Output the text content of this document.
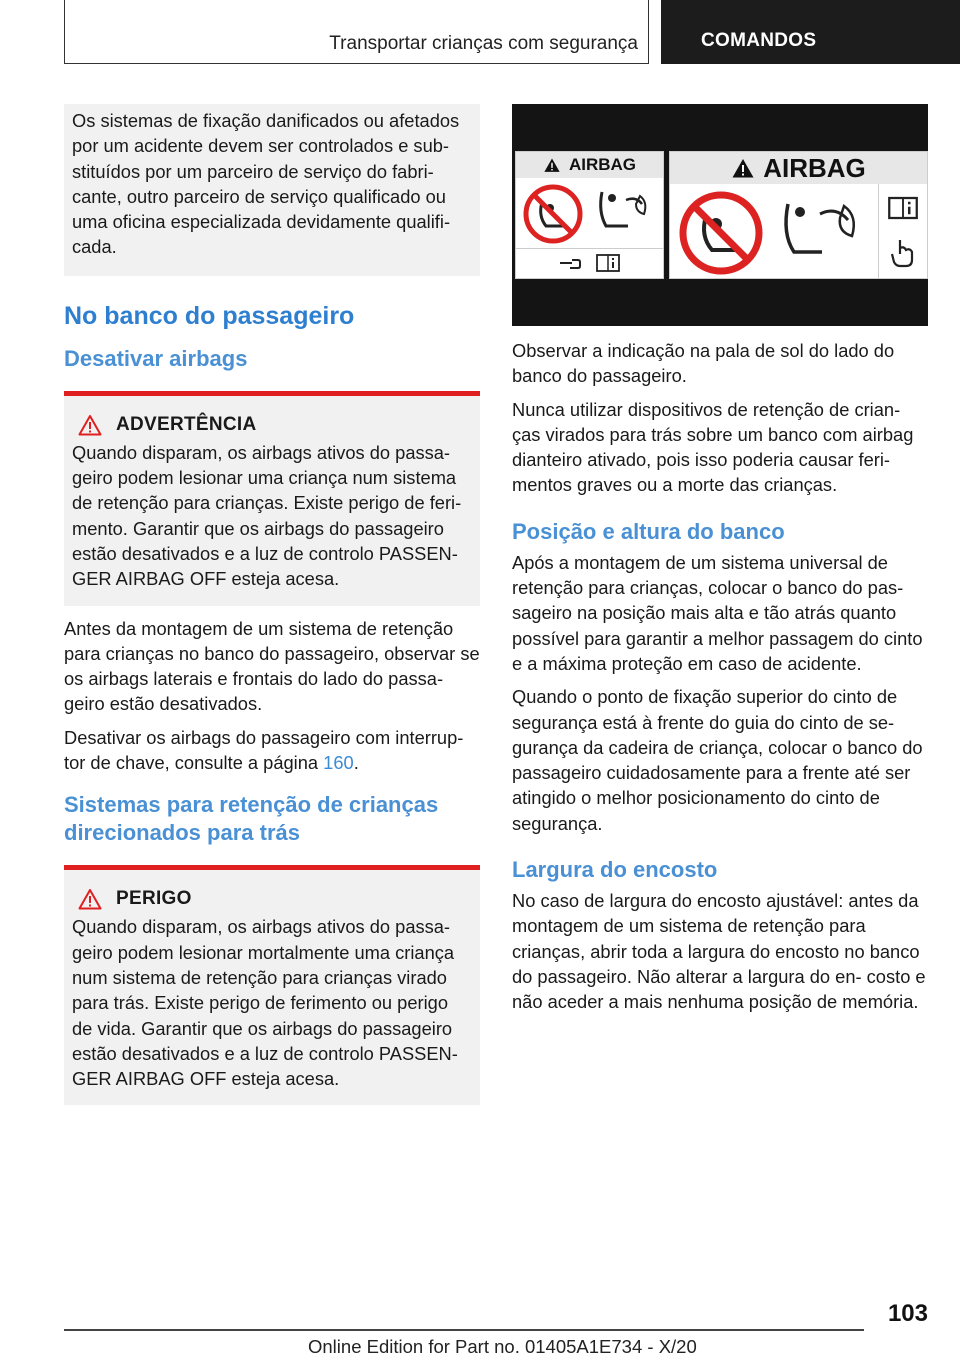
Transportar crianças com segurança	COMANDOS

Os sistemas de fixação danificados ou afetados por um acidente devem ser controlados e sub- stituídos por um parceiro de serviço do fabri- cante, outro parceiro de serviço qualificado ou uma oficina especializada devidamente qualifi- cada.

No banco do passageiro
Desativar airbags
ADVERTÊNCIA

Quando disparam, os airbags ativos do passa- geiro podem lesionar uma criança num sistema de retenção para crianças. Existe perigo de feri- mento. Garantir que os airbags do passageiro estão desativados e a luz de controlo PASSEN- GER AIRBAG OFF esteja acesa.

Antes da montagem de um sistema de retenção para crianças no banco do passageiro, observar se os airbags laterais e frontais do lado do passa- geiro estão desativados.

Desativar os airbags do passageiro com interrup- tor de chave, consulte a página 160.

Sistemas para retenção de crianças direcionados para trás
PERIGO

Quando disparam, os airbags ativos do passa- geiro podem lesionar mortalmente uma criança num sistema de retenção para crianças virado para trás. Existe perigo de ferimento ou perigo de vida. Garantir que os airbags do passageiro estão desativados e a luz de controlo PASSEN- GER AIRBAG OFF esteja acesa.

AIRBAG	AIRBAG

Observar a indicação na pala de sol do lado do banco do passageiro.

Nunca utilizar dispositivos de retenção de crian- ças virados para trás sobre um banco com airbag dianteiro ativado, pois isso poderia causar feri- mentos graves ou a morte das crianças.

Posição e altura do banco

Após a montagem de um sistema universal de retenção para crianças, colocar o banco do pas- sageiro na posição mais alta e tão atrás quanto possível para garantir a melhor passagem do cinto e a máxima proteção em caso de acidente.

Quando o ponto de fixação superior do cinto de segurança está à frente do guia do cinto de se- gurança da cadeira de criança, colocar o banco do passageiro cuidadosamente para a frente até ser atingido o melhor posicionamento do cinto de segurança.

Largura do encosto

No caso de largura do encosto ajustável: antes da montagem de um sistema de retenção para crianças, abrir toda a largura do encosto no banco do passageiro. Não alterar a largura do en- costo e não aceder a mais nenhuma posição de memória.

103
Online Edition for Part no. 01405A1E734 - X/20
